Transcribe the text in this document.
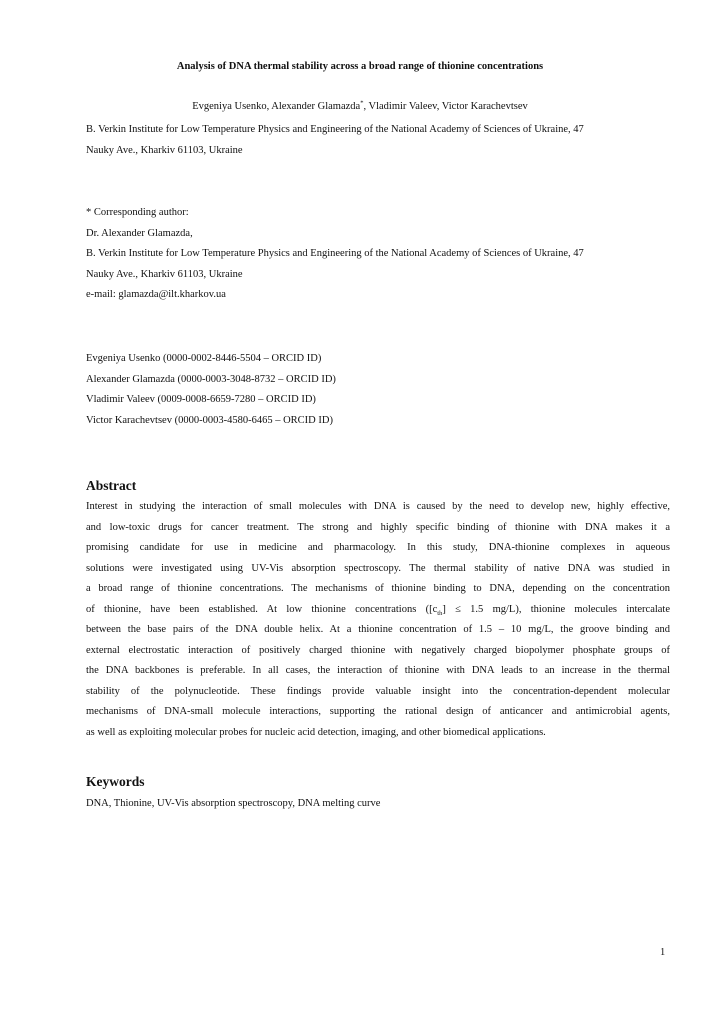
Analysis of DNA thermal stability across a broad range of thionine concentrations
Evgeniya Usenko, Alexander Glamazda*, Vladimir Valeev, Victor Karachevtsev
B. Verkin Institute for Low Temperature Physics and Engineering of the National Academy of Sciences of Ukraine, 47
Nauky Ave., Kharkiv 61103, Ukraine
* Corresponding author:
Dr. Alexander Glamazda,
B. Verkin Institute for Low Temperature Physics and Engineering of the National Academy of Sciences of Ukraine, 47
Nauky Ave., Kharkiv 61103, Ukraine
e-mail: glamazda@ilt.kharkov.ua
Evgeniya Usenko (0000-0002-8446-5504 – ORCID ID)
Alexander Glamazda (0000-0003-3048-8732 – ORCID ID)
Vladimir Valeev (0009-0008-6659-7280 – ORCID ID)
Victor Karachevtsev (0000-0003-4580-6465 – ORCID ID)
Abstract
Interest in studying the interaction of small molecules with DNA is caused by the need to develop new, highly effective,
and low-toxic drugs for cancer treatment. The strong and highly specific binding of thionine with DNA makes it a
promising candidate for use in medicine and pharmacology. In this study, DNA-thionine complexes in aqueous
solutions were investigated using UV-Vis absorption spectroscopy. The thermal stability of native DNA was studied in
a broad range of thionine concentrations. The mechanisms of thionine binding to DNA, depending on the concentration
of thionine, have been established. At low thionine concentrations ($[c_{th}] \le 1.5$ mg/L), thionine molecules intercalate
between the base pairs of the DNA double helix. At a thionine concentration of 1.5 – 10 mg/L, the groove binding and
external electrostatic interaction of positively charged thionine with negatively charged biopolymer phosphate groups of
the DNA backbones is preferable. In all cases, the interaction of thionine with DNA leads to an increase in the thermal
stability of the polynucleotide. These findings provide valuable insight into the concentration-dependent molecular
mechanisms of DNA-small molecule interactions, supporting the rational design of anticancer and antimicrobial agents,
as well as exploiting molecular probes for nucleic acid detection, imaging, and other biomedical applications.
Keywords
DNA, Thionine, UV-Vis absorption spectroscopy, DNA melting curve
1
